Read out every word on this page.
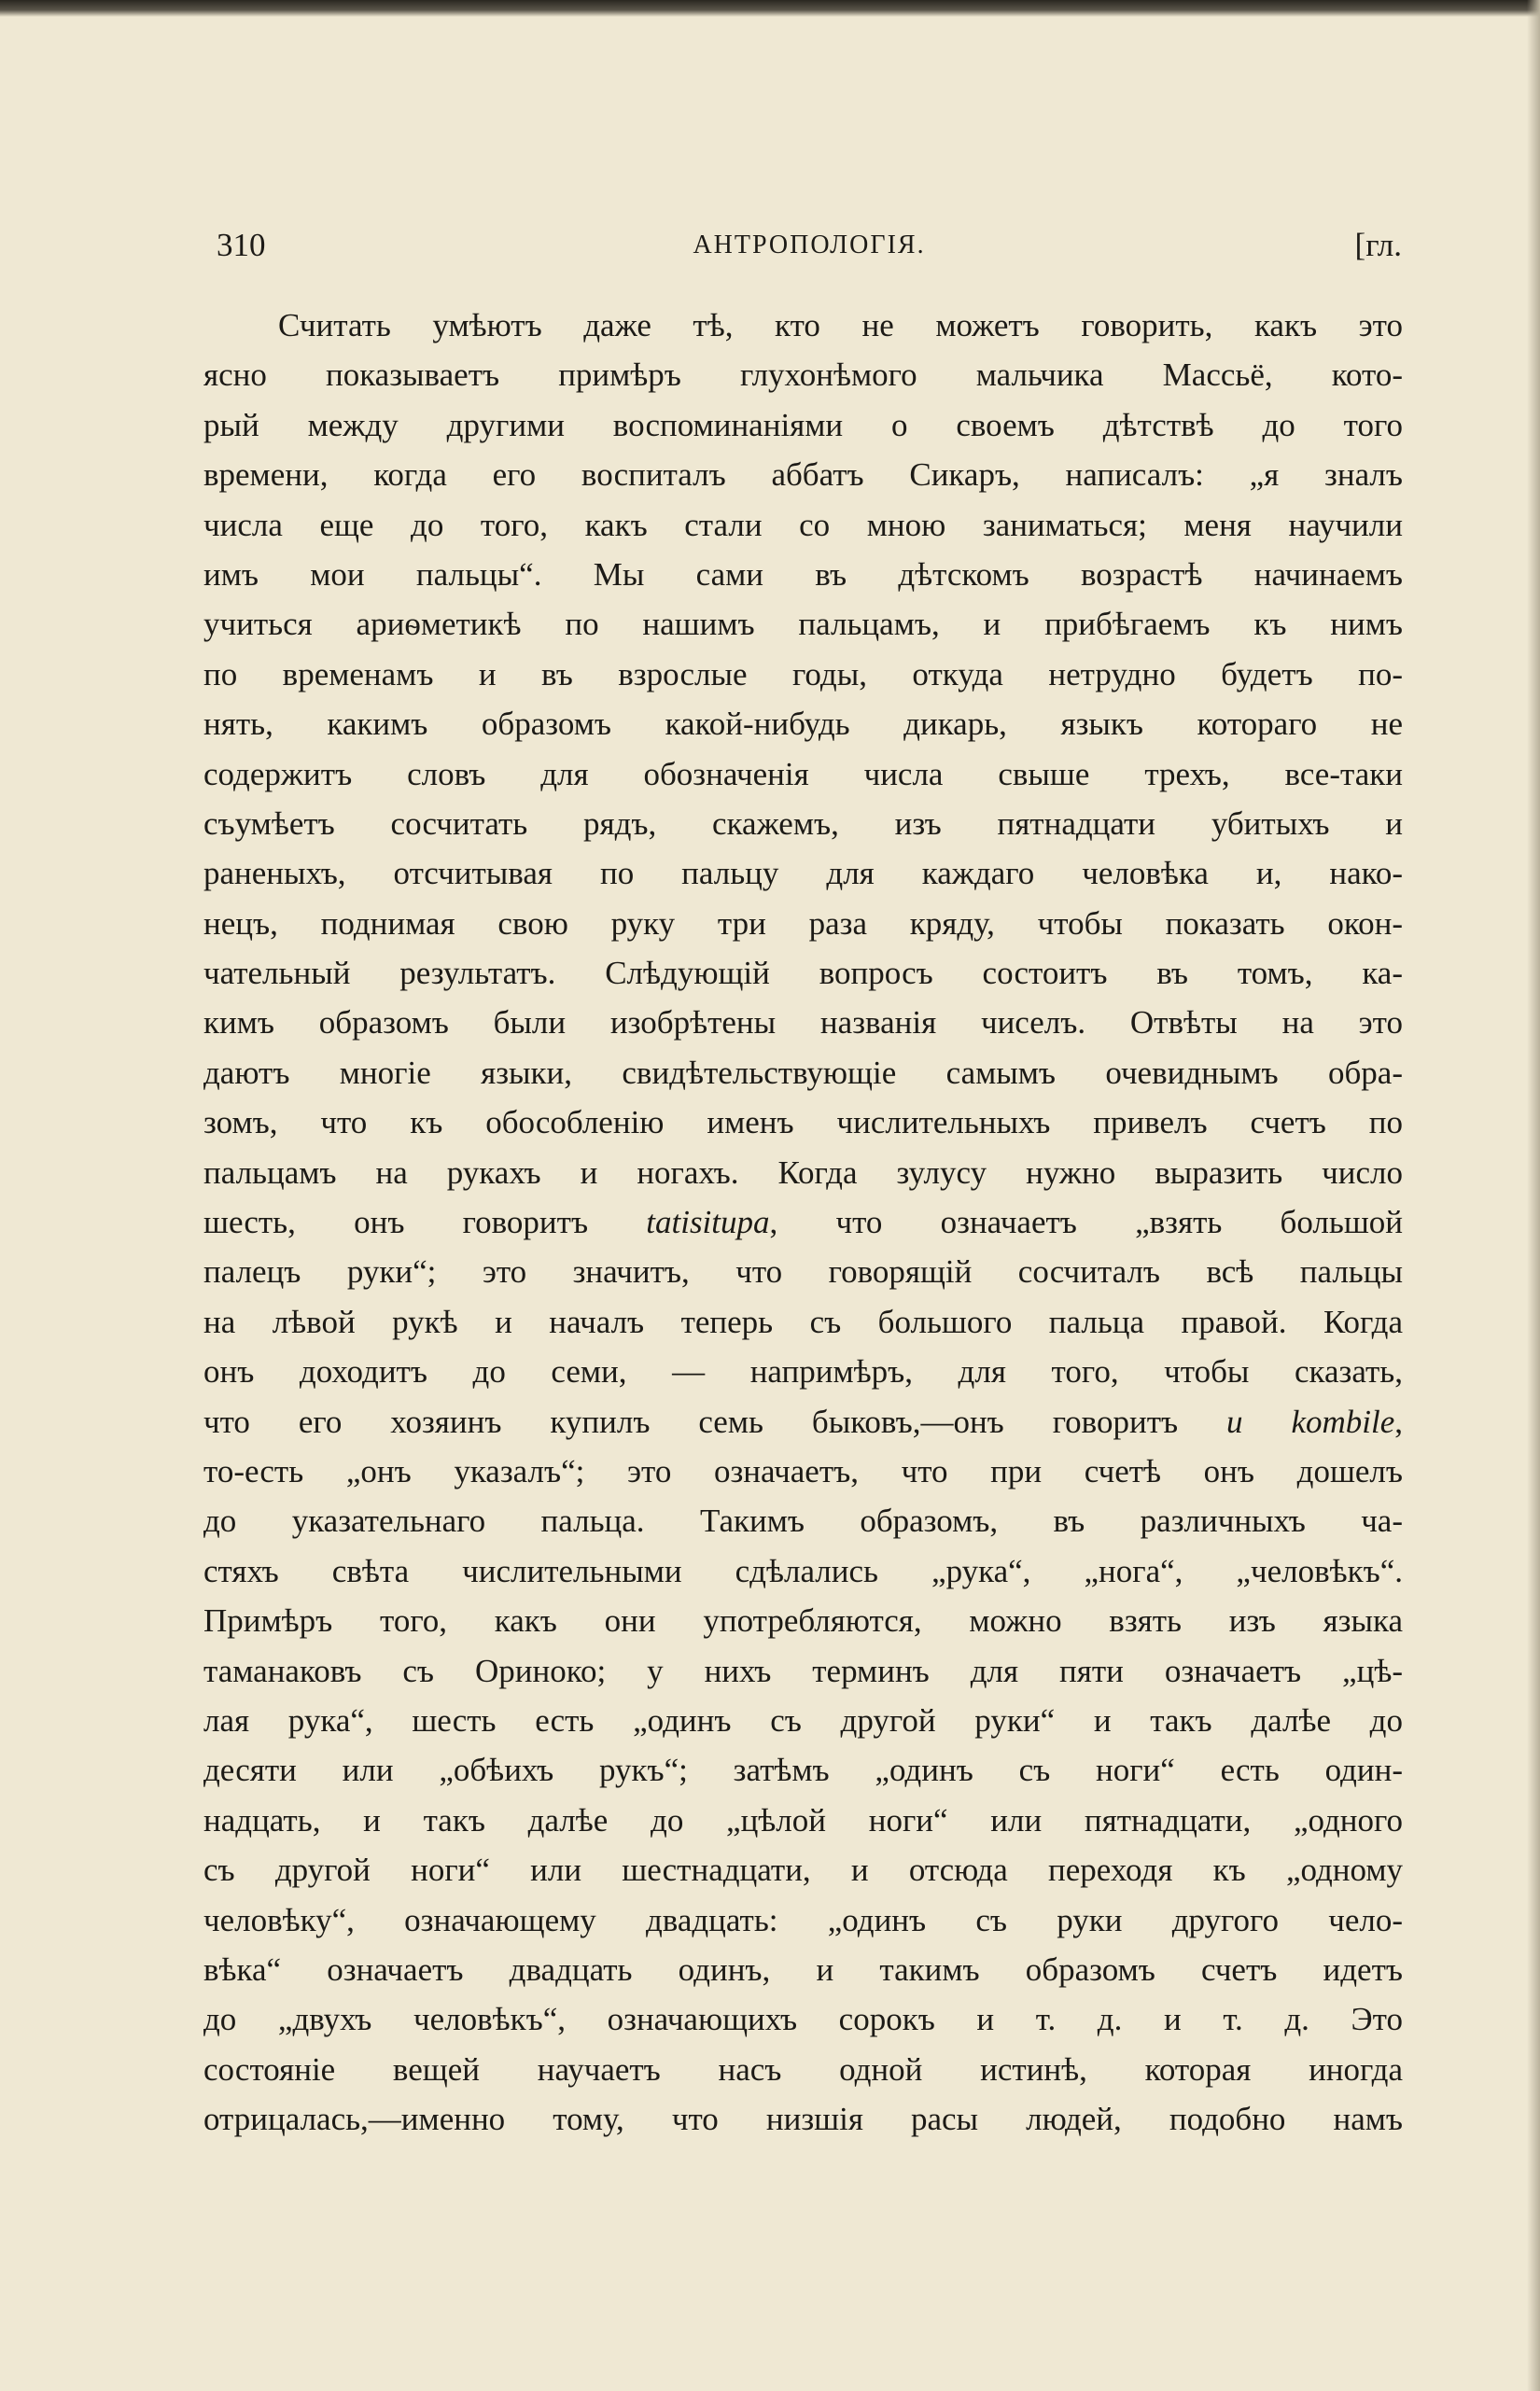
310	АНТРОПОЛОГІЯ.	[гл.
Считать умѣютъ даже тѣ, кто не можетъ говорить, какъ это
ясно показываетъ примѣръ глухонѣмого мальчика Массьё, кото-
рый между другими воспоминаніями о своемъ дѣтствѣ до того
времени, когда его воспиталъ аббатъ Сикаръ, написалъ: „я зналъ
числа еще до того, какъ стали со мною заниматься; меня научили
имъ мои пальцы“. Мы сами въ дѣтскомъ возрастѣ начинаемъ
учиться ариѳметикѣ по нашимъ пальцамъ, и прибѣгаемъ къ нимъ
по временамъ и въ взрослые годы, откуда нетрудно будетъ по-
нять, какимъ образомъ какой-нибудь дикарь, языкъ котораго не
содержитъ словъ для обозначенія числа свыше трехъ, все-таки
съумѣетъ сосчитать рядъ, скажемъ, изъ пятнадцати убитыхъ и
раненыхъ, отсчитывая по пальцу для каждаго человѣка и, нако-
нецъ, поднимая свою руку три раза кряду, чтобы показать окон-
чательный результатъ. Слѣдующій вопросъ состоитъ въ томъ, ка-
кимъ образомъ были изобрѣтены названія чиселъ. Отвѣты на это
даютъ многіе языки, свидѣтельствующіе самымъ очевиднымъ обра-
зомъ, что къ обособленію именъ числительныхъ привелъ счетъ по
пальцамъ на рукахъ и ногахъ. Когда зулусу нужно выразить число
шесть, онъ говоритъ tatisitupa, что означаетъ „взять большой
палецъ руки“; это значитъ, что говорящій сосчиталъ всѣ пальцы
на лѣвой рукѣ и началъ теперь съ большого пальца правой. Когда
онъ доходитъ до семи, — напримѣръ, для того, чтобы сказать,
что его хозяинъ купилъ семь быковъ,—онъ говоритъ u kombile,
то-есть „онъ указалъ“; это означаетъ, что при счетѣ онъ дошелъ
до указательнаго пальца. Такимъ образомъ, въ различныхъ ча-
стяхъ свѣта числительными сдѣлались „рука“, „нога“, „человѣкъ“.
Примѣръ того, какъ они употребляются, можно взять изъ языка
таманаковъ съ Ориноко; у нихъ терминъ для пяти означаетъ „цѣ-
лая рука“, шесть есть „одинъ съ другой руки“ и такъ далѣе до
десяти или „обѣихъ рукъ“; затѣмъ „одинъ съ ноги“ есть один-
надцать, и такъ далѣе до „цѣлой ноги“ или пятнадцати, „одного
съ другой ноги“ или шестнадцати, и отсюда переходя къ „одному
человѣку“, означающему двадцать: „одинъ съ руки другого чело-
вѣка“ означаетъ двадцать одинъ, и такимъ образомъ счетъ идетъ
до „двухъ человѣкъ“, означающихъ сорокъ и т. д. и т. д. Это
состояніе вещей научаетъ насъ одной истинѣ, которая иногда
отрицалась,—именно тому, что низшія расы людей, подобно намъ
